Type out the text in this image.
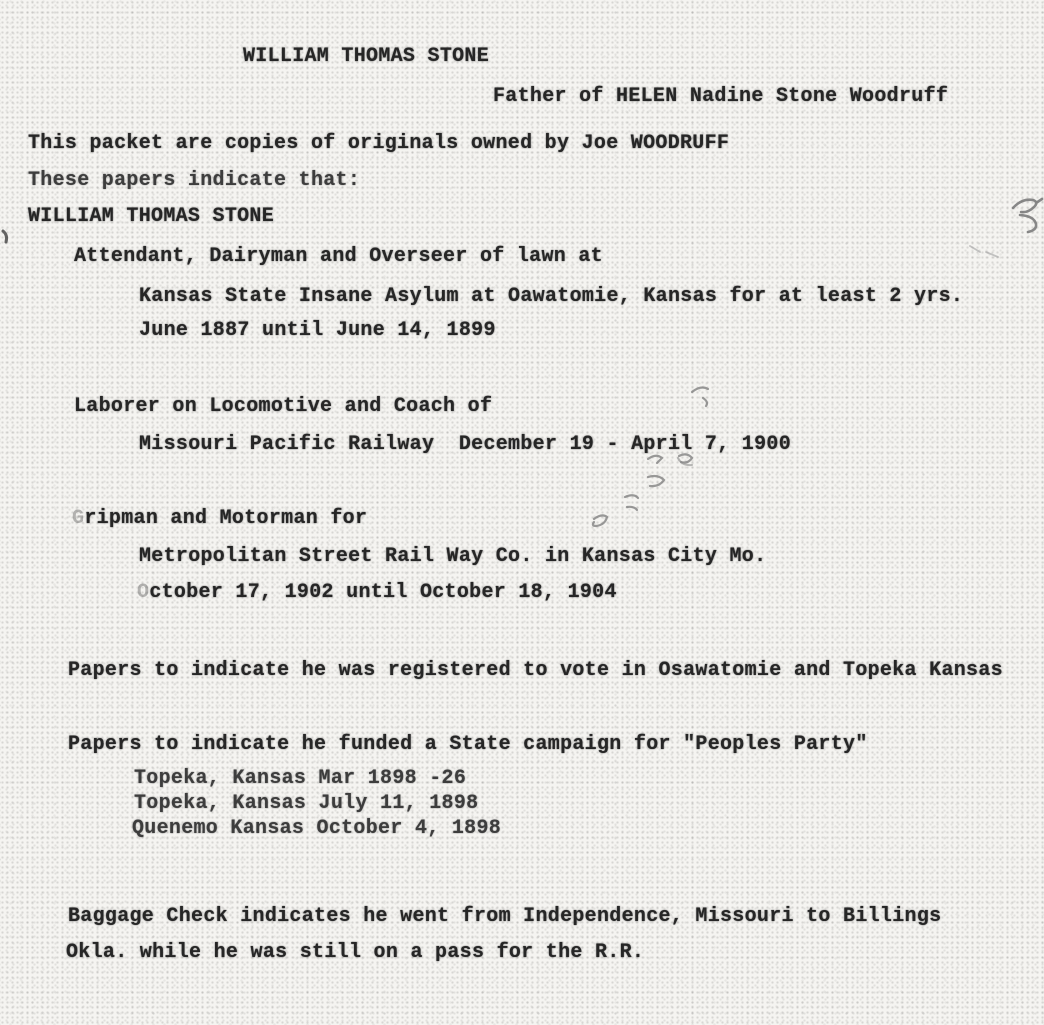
WILLIAM THOMAS STONE
Father of HELEN Nadine Stone Woodruff
This packet are copies of originals owned by Joe WOODRUFF
These papers indicate that:
WILLIAM THOMAS STONE
Attendant, Dairyman and Overseer of lawn at
Kansas State Insane Asylum at Oawatomie, Kansas for at least 2 yrs.
June 1887 until June 14, 1899
Laborer on Locomotive and Coach of
Missouri Pacific Railway  December 19 - April 7, 1900
Gripman and Motorman for
Metropolitan Street Rail Way Co. in Kansas City Mo.
October 17, 1902 until October 18, 1904
Papers to indicate he was registered to vote in Osawatomie and Topeka Kansas
Papers to indicate he funded a State campaign for "Peoples Party"
Topeka, Kansas Mar 1898 -26
Topeka, Kansas July 11, 1898
Quenemo Kansas October 4, 1898
Baggage Check indicates he went from Independence, Missouri to Billings
Okla. while he was still on a pass for the R.R.
